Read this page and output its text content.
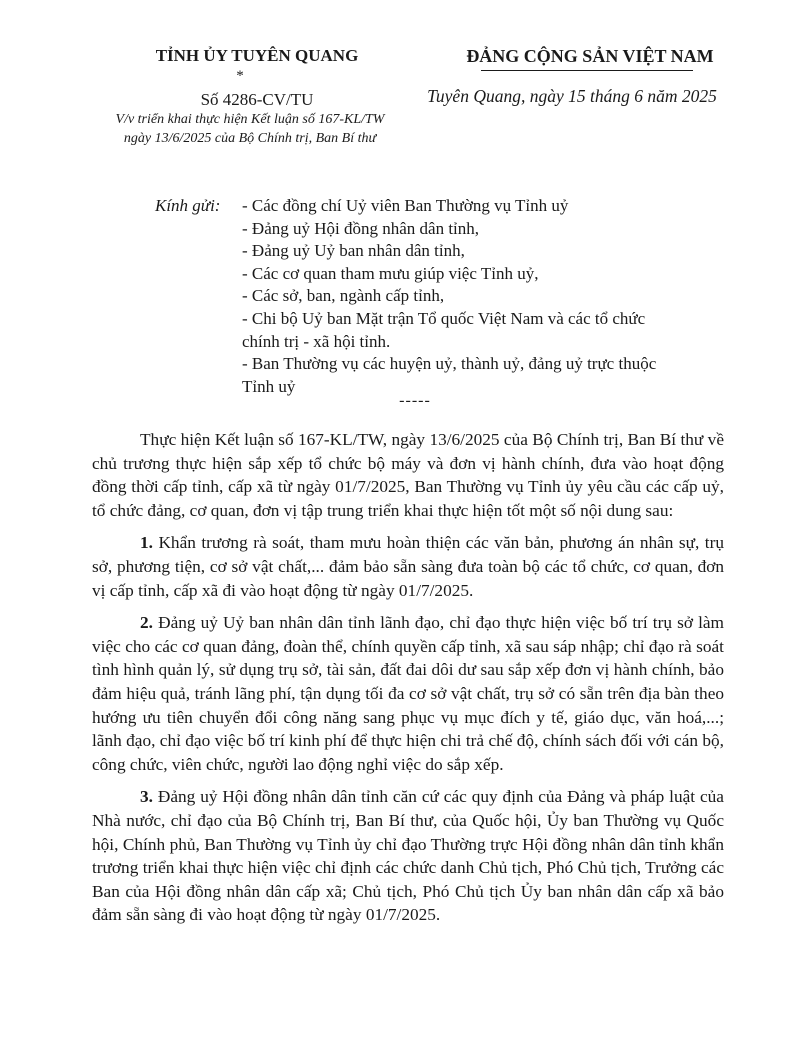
TỈNH ỦY TUYÊN QUANG
*
Số 4286-CV/TU
V/v triển khai thực hiện Kết luận số 167-KL/TW
ngày 13/6/2025 của Bộ Chính trị, Ban Bí thư
ĐẢNG CỘNG SẢN VIỆT NAM
Tuyên Quang, ngày 15 tháng 6 năm 2025
Kính gửi: - Các đồng chí Uỷ viên Ban Thường vụ Tỉnh uỷ
- Đảng uỷ Hội đồng nhân dân tỉnh,
- Đảng uỷ Uỷ ban nhân dân tỉnh,
- Các cơ quan tham mưu giúp việc Tỉnh uỷ,
- Các sở, ban, ngành cấp tỉnh,
- Chi bộ Uỷ ban Mặt trận Tổ quốc Việt Nam và các tổ chức
chính trị - xã hội tỉnh.
- Ban Thường vụ các huyện uỷ, thành uỷ, đảng uỷ trực thuộc
Tỉnh uỷ
-----

Thực hiện Kết luận số 167-KL/TW, ngày 13/6/2025 của Bộ Chính trị, Ban Bí thư về chủ trương thực hiện sắp xếp tổ chức bộ máy và đơn vị hành chính, đưa vào hoạt động đồng thời cấp tỉnh, cấp xã từ ngày 01/7/2025, Ban Thường vụ Tỉnh ủy yêu cầu các cấp uỷ, tổ chức đảng, cơ quan, đơn vị tập trung triển khai thực hiện tốt một số nội dung sau:

1. Khẩn trương rà soát, tham mưu hoàn thiện các văn bản, phương án nhân sự, trụ sở, phương tiện, cơ sở vật chất,... đảm bảo sẵn sàng đưa toàn bộ các tổ chức, cơ quan, đơn vị cấp tỉnh, cấp xã đi vào hoạt động từ ngày 01/7/2025.

2. Đảng uỷ Uỷ ban nhân dân tỉnh lãnh đạo, chỉ đạo thực hiện việc bố trí trụ sở làm việc cho các cơ quan đảng, đoàn thể, chính quyền cấp tỉnh, xã sau sáp nhập; chỉ đạo rà soát tình hình quản lý, sử dụng trụ sở, tài sản, đất đai dôi dư sau sắp xếp đơn vị hành chính, bảo đảm hiệu quả, tránh lãng phí, tận dụng tối đa cơ sở vật chất, trụ sở có sẵn trên địa bàn theo hướng ưu tiên chuyển đổi công năng sang phục vụ mục đích y tế, giáo dục, văn hoá,...; lãnh đạo, chỉ đạo việc bố trí kinh phí để thực hiện chi trả chế độ, chính sách đối với cán bộ, công chức, viên chức, người lao động nghỉ việc do sắp xếp.

3. Đảng uỷ Hội đồng nhân dân tỉnh căn cứ các quy định của Đảng và pháp luật của Nhà nước, chỉ đạo của Bộ Chính trị, Ban Bí thư, của Quốc hội, Ủy ban Thường vụ Quốc hội, Chính phủ, Ban Thường vụ Tỉnh ủy chỉ đạo Thường trực Hội đồng nhân dân tỉnh khẩn trương triển khai thực hiện việc chỉ định các chức danh Chủ tịch, Phó Chủ tịch, Trưởng các Ban của Hội đồng nhân dân cấp xã; Chủ tịch, Phó Chủ tịch Ủy ban nhân dân cấp xã bảo đảm sẵn sàng đi vào hoạt động từ ngày 01/7/2025.
